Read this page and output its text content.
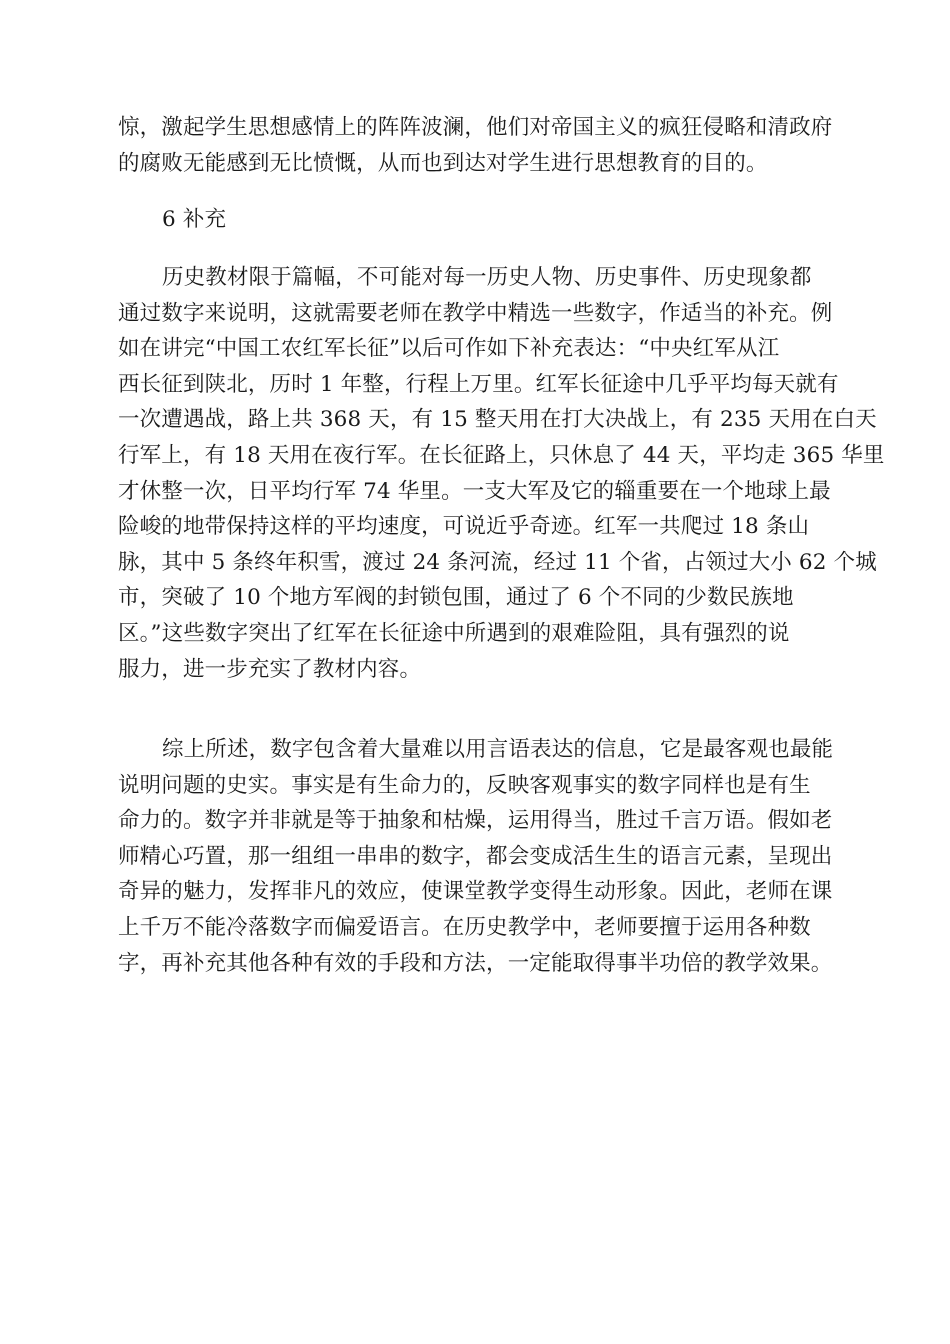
惊，激起学生思想感情上的阵阵波澜，他们对帝国主义的疯狂侵略和清政府
的腐败无能感到无比愤慨，从而也到达对学生进行思想教育的目的。
6 补充
历史教材限于篇幅，不可能对每一历史人物、历史事件、历史现象都
通过数字来说明，这就需要老师在教学中精选一些数字，作适当的补充。例
如在讲完“中国工农红军长征”以后可作如下补充表达：“中央红军从江
西长征到陕北，历时 1 年整，行程上万里。红军长征途中几乎平均每天就有
一次遭遇战，路上共 368 天，有 15 整天用在打大决战上，有 235 天用在白天
行军上，有 18 天用在夜行军。在长征路上，只休息了 44 天，平均走 365 华里
才休整一次，日平均行军 74 华里。一支大军及它的辎重要在一个地球上最
险峻的地带保持这样的平均速度，可说近乎奇迹。红军一共爬过 18 条山
脉，其中 5 条终年积雪，渡过 24 条河流，经过 11 个省，占领过大小 62 个城
市，突破了 10 个地方军阀的封锁包围，通过了 6 个不同的少数民族地
区。”这些数字突出了红军在长征途中所遇到的艰难险阻，具有强烈的说
服力，进一步充实了教材内容。
综上所述，数字包含着大量难以用言语表达的信息，它是最客观也最能
说明问题的史实。事实是有生命力的，反映客观事实的数字同样也是有生
命力的。数字并非就是等于抽象和枯燥，运用得当，胜过千言万语。假如老
师精心巧置，那一组组一串串的数字，都会变成活生生的语言元素，呈现出
奇异的魅力，发挥非凡的效应，使课堂教学变得生动形象。因此，老师在课
上千万不能冷落数字而偏爱语言。在历史教学中，老师要擅于运用各种数
字，再补充其他各种有效的手段和方法，一定能取得事半功倍的教学效果。
